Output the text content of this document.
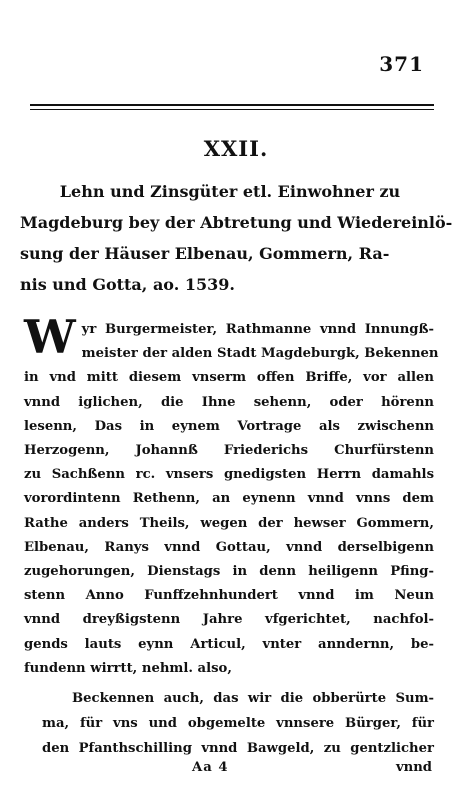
371
XXII.
Lehn und Zinsgüter etl. Einwohner zu
Magdeburg bey der Abtretung und Wiedereinlö-
sung der Häuser Elbenau, Gommern, Ra-
nis und Gotta, ao. 1539.
W yr Burgermeister, Rathmanne vnnd Innungß-
meister der alden Stadt Magdeburgk, Bekennen
in vnd mitt diesem vnserm offen Briffe, vor allen
vnnd iglichen, die Ihne sehenn, oder hörenn
lesenn, Das in eynem Vortrage als zwischenn
Herzogenn, Johannß Friederichs Churfürstenn
zu Sachßenn rc. vnsers gnedigsten Herrn damahls
vorordintenn Rethenn, an eynenn vnnd vnns dem
Rathe anders Theils, wegen der hewser Gommern,
Elbenau, Ranys vnnd Gottau, vnnd derselbigenn
zugehorungen, Dienstags in denn heiligenn Pfing-
stenn Anno Funffzehnhundert vnnd im Neun
vnnd dreyßigstenn Jahre vfgerichtet, nachfol-
gends lauts eynn Articul, vnter anndernn, be-
fundenn wirrtt, nehml. also,
Beckennen auch, das wir die obberürte Sum-
ma, für vns und obgemelte vnnsere Bürger, für
den Pfanthschilling vnnd Bawgeld, zu gentzlicher
Aa 4	vnnd
